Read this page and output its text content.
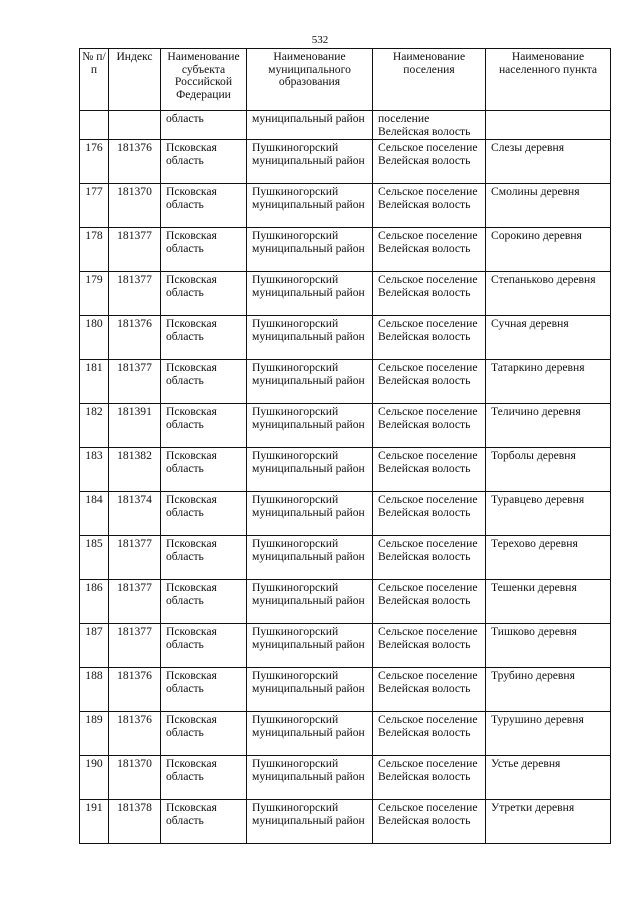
532
№ п/п	Индекс	Наименование субъекта Российской Федерации	Наименование муниципального образования	Наименование поселения	Наименование населенного пункта
		область	муниципальный район	поселение Велейская волость	
176	181376	Псковская область	Пушкиногорский муниципальный район	Сельское поселение Велейская волость	Слезы деревня
177	181370	Псковская область	Пушкиногорский муниципальный район	Сельское поселение Велейская волость	Смолины деревня
178	181377	Псковская область	Пушкиногорский муниципальный район	Сельское поселение Велейская волость	Сорокино деревня
179	181377	Псковская область	Пушкиногорский муниципальный район	Сельское поселение Велейская волость	Степаньково деревня
180	181376	Псковская область	Пушкиногорский муниципальный район	Сельское поселение Велейская волость	Сучная деревня
181	181377	Псковская область	Пушкиногорский муниципальный район	Сельское поселение Велейская волость	Татаркино деревня
182	181391	Псковская область	Пушкиногорский муниципальный район	Сельское поселение Велейская волость	Теличино деревня
183	181382	Псковская область	Пушкиногорский муниципальный район	Сельское поселение Велейская волость	Торболы деревня
184	181374	Псковская область	Пушкиногорский муниципальный район	Сельское поселение Велейская волость	Туравцево деревня
185	181377	Псковская область	Пушкиногорский муниципальный район	Сельское поселение Велейская волость	Терехово деревня
186	181377	Псковская область	Пушкиногорский муниципальный район	Сельское поселение Велейская волость	Тешенки деревня
187	181377	Псковская область	Пушкиногорский муниципальный район	Сельское поселение Велейская волость	Тишково деревня
188	181376	Псковская область	Пушкиногорский муниципальный район	Сельское поселение Велейская волость	Трубино деревня
189	181376	Псковская область	Пушкиногорский муниципальный район	Сельское поселение Велейская волость	Турушино деревня
190	181370	Псковская область	Пушкиногорский муниципальный район	Сельское поселение Велейская волость	Устье деревня
191	181378	Псковская область	Пушкиногорский муниципальный район	Сельское поселение Велейская волость	Утретки деревня
